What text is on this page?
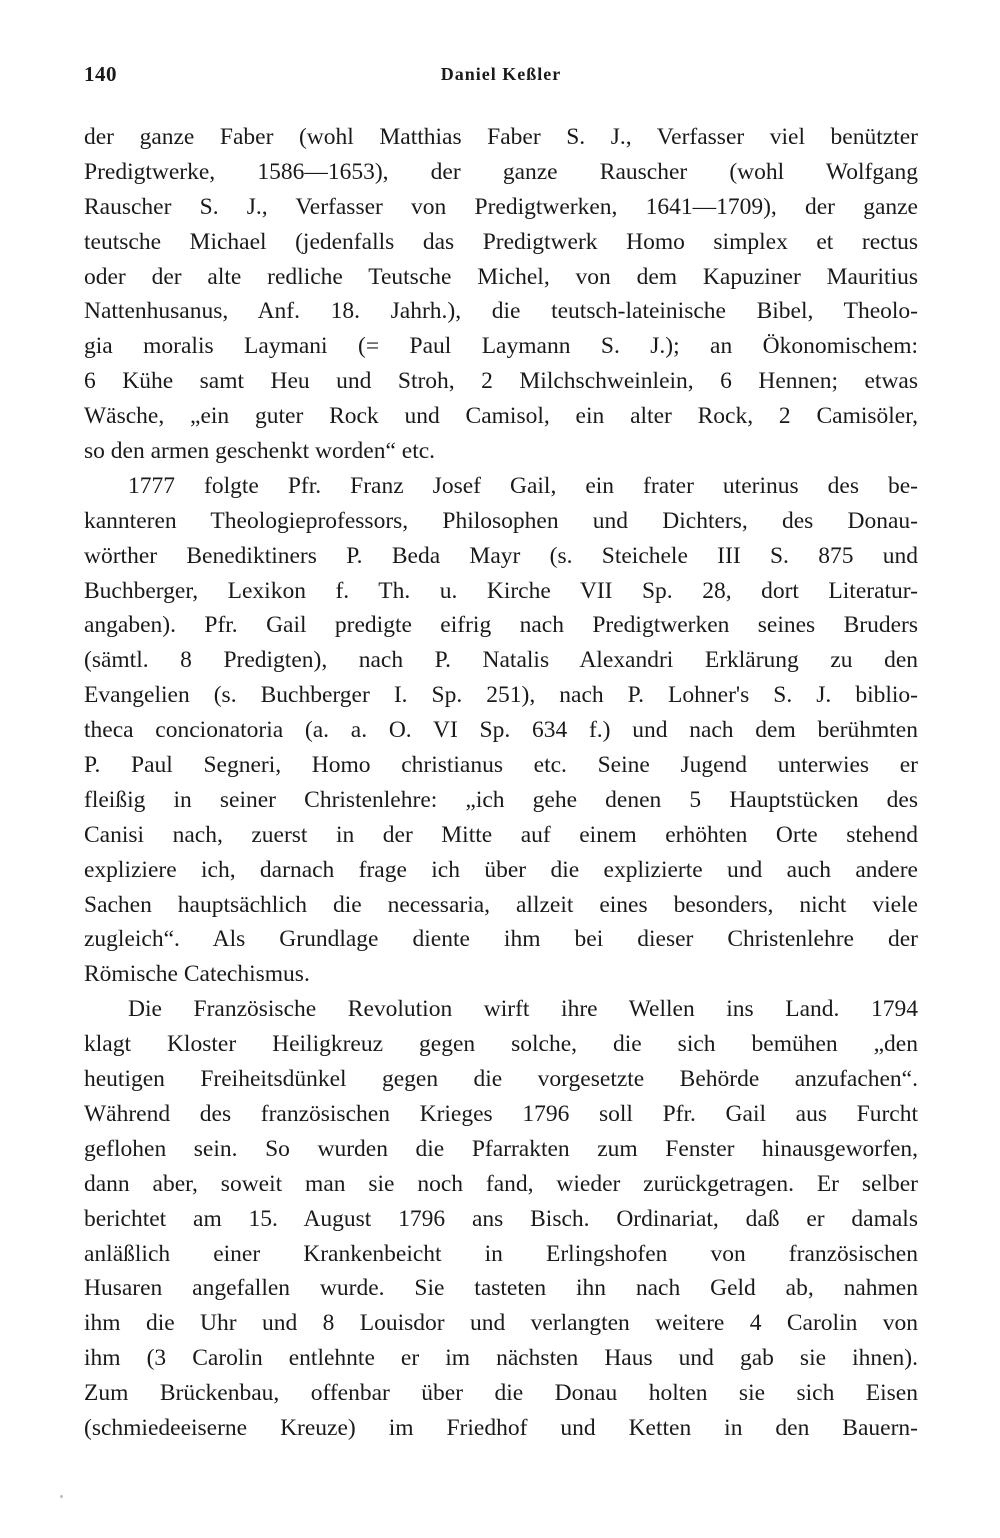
140	Daniel Keßler
der ganze Faber (wohl Matthias Faber S. J., Verfasser viel benützter
Predigtwerke, 1586—1653), der ganze Rauscher (wohl Wolfgang
Rauscher S. J., Verfasser von Predigtwerken, 1641—1709), der ganze
teutsche Michael (jedenfalls das Predigtwerk Homo simplex et rectus
oder der alte redliche Teutsche Michel, von dem Kapuziner Mauritius
Nattenhusanus, Anf. 18. Jahrh.), die teutsch-lateinische Bibel, Theolo-
gia moralis Laymani (= Paul Laymann S. J.); an Ökonomischem:
6 Kühe samt Heu und Stroh, 2 Milchschweinlein, 6 Hennen; etwas
Wäsche, „ein guter Rock und Camisol, ein alter Rock, 2 Camisöler,
so den armen geschenkt worden“ etc.
1777 folgte Pfr. Franz Josef Gail, ein frater uterinus des be-
kannteren Theologieprofessors, Philosophen und Dichters, des Donau-
wörther Benediktiners P. Beda Mayr (s. Steichele III S. 875 und
Buchberger, Lexikon f. Th. u. Kirche VII Sp. 28, dort Literatur-
angaben). Pfr. Gail predigte eifrig nach Predigtwerken seines Bruders
(sämtl. 8 Predigten), nach P. Natalis Alexandri Erklärung zu den
Evangelien (s. Buchberger I. Sp. 251), nach P. Lohner's S. J. biblio-
theca concionatoria (a. a. O. VI Sp. 634 f.) und nach dem berühmten
P. Paul Segneri, Homo christianus etc. Seine Jugend unterwies er
fleißig in seiner Christenlehre: „ich gehe denen 5 Hauptstücken des
Canisi nach, zuerst in der Mitte auf einem erhöhten Orte stehend
expliziere ich, darnach frage ich über die explizierte und auch andere
Sachen hauptsächlich die necessaria, allzeit eines besonders, nicht viele
zugleich“. Als Grundlage diente ihm bei dieser Christenlehre der
Römische Catechismus.
Die Französische Revolution wirft ihre Wellen ins Land. 1794
klagt Kloster Heiligkreuz gegen solche, die sich bemühen „den
heutigen Freiheitsdünkel gegen die vorgesetzte Behörde anzufachen“.
Während des französischen Krieges 1796 soll Pfr. Gail aus Furcht
geflohen sein. So wurden die Pfarrakten zum Fenster hinausgeworfen,
dann aber, soweit man sie noch fand, wieder zurückgetragen. Er selber
berichtet am 15. August 1796 ans Bisch. Ordinariat, daß er damals
anläßlich einer Krankenbeicht in Erlingshofen von französischen
Husaren angefallen wurde. Sie tasteten ihn nach Geld ab, nahmen
ihm die Uhr und 8 Louisdor und verlangten weitere 4 Carolin von
ihm (3 Carolin entlehnte er im nächsten Haus und gab sie ihnen).
Zum Brückenbau, offenbar über die Donau holten sie sich Eisen
(schmiedeeiserne Kreuze) im Friedhof und Ketten in den Bauern-
